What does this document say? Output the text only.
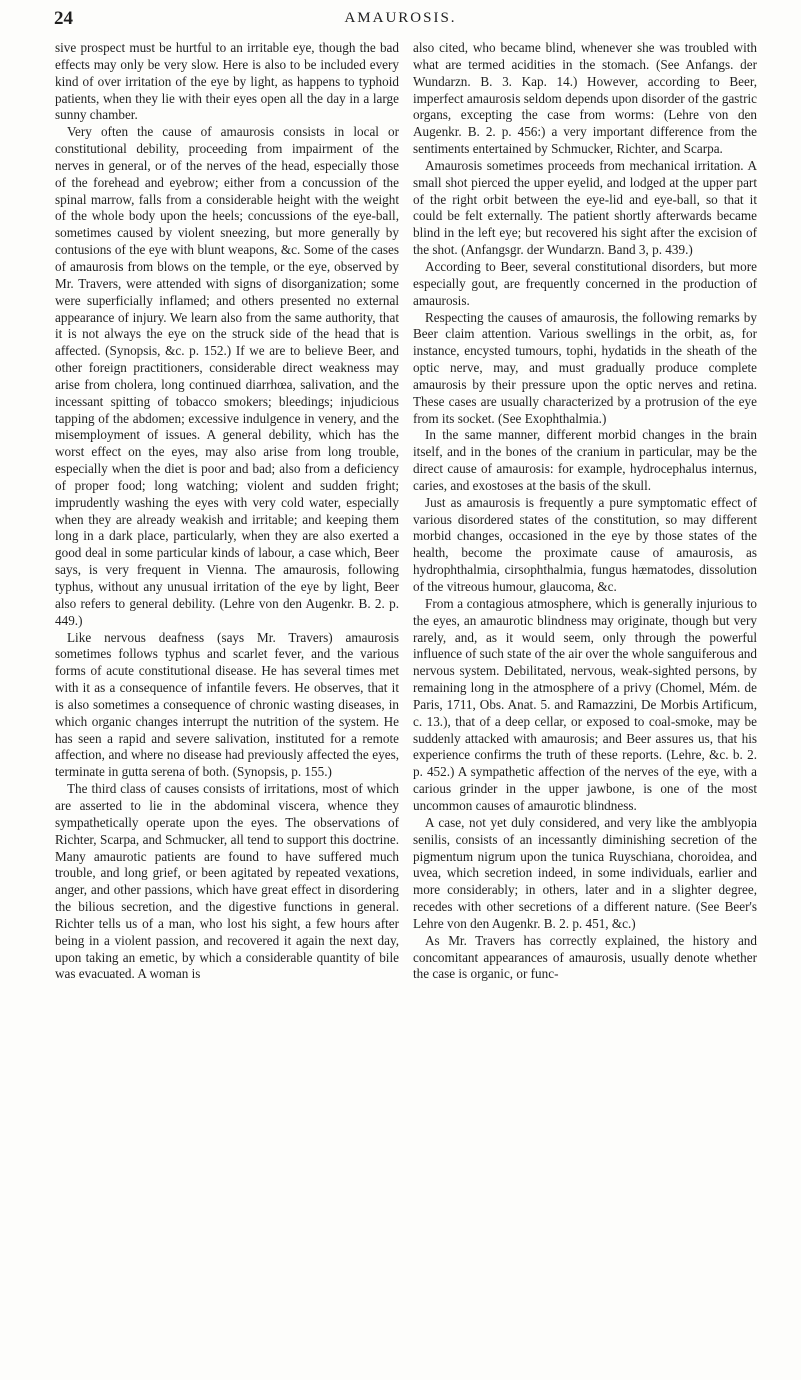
24	AMAUROSIS.

sive prospect must be hurtful to an irritable eye, though the bad effects may only be very slow. Here is also to be included every kind of over irritation of the eye by light, as happens to typhoid patients, when they lie with their eyes open all the day in a large sunny chamber.

Very often the cause of amaurosis consists in local or constitutional debility, proceeding from impairment of the nerves in general, or of the nerves of the head, especially those of the forehead and eyebrow; either from a concussion of the spinal marrow, falls from a considerable height with the weight of the whole body upon the heels; concussions of the eye-ball, sometimes caused by violent sneezing, but more generally by contusions of the eye with blunt weapons, &c. Some of the cases of amaurosis from blows on the temple, or the eye, observed by Mr. Travers, were attended with signs of disorganization; some were superficially inflamed; and others presented no external appearance of injury. We learn also from the same authority, that it is not always the eye on the struck side of the head that is affected. (Synopsis, &c. p. 152.) If we are to believe Beer, and other foreign practitioners, considerable direct weakness may arise from cholera, long continued diarrhœa, salivation, and the incessant spitting of tobacco smokers; bleedings; injudicious tapping of the abdomen; excessive indulgence in venery, and the misemployment of issues. A general debility, which has the worst effect on the eyes, may also arise from long trouble, especially when the diet is poor and bad; also from a deficiency of proper food; long watching; violent and sudden fright; imprudently washing the eyes with very cold water, especially when they are already weakish and irritable; and keeping them long in a dark place, particularly, when they are also exerted a good deal in some particular kinds of labour, a case which, Beer says, is very frequent in Vienna. The amaurosis, following typhus, without any unusual irritation of the eye by light, Beer also refers to general debility. (Lehre von den Augenkr. B. 2. p. 449.)

Like nervous deafness (says Mr. Travers) amaurosis sometimes follows typhus and scarlet fever, and the various forms of acute constitutional disease. He has several times met with it as a consequence of infantile fevers. He observes, that it is also sometimes a consequence of chronic wasting diseases, in which organic changes interrupt the nutrition of the system. He has seen a rapid and severe salivation, instituted for a remote affection, and where no disease had previously affected the eyes, terminate in gutta serena of both. (Synopsis, p. 155.)

The third class of causes consists of irritations, most of which are asserted to lie in the abdominal viscera, whence they sympathetically operate upon the eyes. The observations of Richter, Scarpa, and Schmucker, all tend to support this doctrine. Many amaurotic patients are found to have suffered much trouble, and long grief, or been agitated by repeated vexations, anger, and other passions, which have great effect in disordering the bilious secretion, and the digestive functions in general. Richter tells us of a man, who lost his sight, a few hours after being in a violent passion, and recovered it again the next day, upon taking an emetic, by which a considerable quantity of bile was evacuated. A woman is

also cited, who became blind, whenever she was troubled with what are termed acidities in the stomach. (See Anfangs. der Wundarzn. B. 3. Kap. 14.) However, according to Beer, imperfect amaurosis seldom depends upon disorder of the gastric organs, excepting the case from worms: (Lehre von den Augenkr. B. 2. p. 456:) a very important difference from the sentiments entertained by Schmucker, Richter, and Scarpa.

Amaurosis sometimes proceeds from mechanical irritation. A small shot pierced the upper eyelid, and lodged at the upper part of the right orbit between the eye-lid and eye-ball, so that it could be felt externally. The patient shortly afterwards became blind in the left eye; but recovered his sight after the excision of the shot. (Anfangsgr. der Wundarzn. Band 3, p. 439.)

According to Beer, several constitutional disorders, but more especially gout, are frequently concerned in the production of amaurosis.

Respecting the causes of amaurosis, the following remarks by Beer claim attention. Various swellings in the orbit, as, for instance, encysted tumours, tophi, hydatids in the sheath of the optic nerve, may, and must gradually produce complete amaurosis by their pressure upon the optic nerves and retina. These cases are usually characterized by a protrusion of the eye from its socket. (See Exophthalmia.)

In the same manner, different morbid changes in the brain itself, and in the bones of the cranium in particular, may be the direct cause of amaurosis: for example, hydrocephalus internus, caries, and exostoses at the basis of the skull.

Just as amaurosis is frequently a pure symptomatic effect of various disordered states of the constitution, so may different morbid changes, occasioned in the eye by those states of the health, become the proximate cause of amaurosis, as hydrophthalmia, cirsophthalmia, fungus hæmatodes, dissolution of the vitreous humour, glaucoma, &c.

From a contagious atmosphere, which is generally injurious to the eyes, an amaurotic blindness may originate, though but very rarely, and, as it would seem, only through the powerful influence of such state of the air over the whole sanguiferous and nervous system. Debilitated, nervous, weak-sighted persons, by remaining long in the atmosphere of a privy (Chomel, Mém. de Paris, 1711, Obs. Anat. 5. and Ramazzini, De Morbis Artificum, c. 13.), that of a deep cellar, or exposed to coal-smoke, may be suddenly attacked with amaurosis; and Beer assures us, that his experience confirms the truth of these reports. (Lehre, &c. b. 2. p. 452.) A sympathetic affection of the nerves of the eye, with a carious grinder in the upper jawbone, is one of the most uncommon causes of amaurotic blindness.

A case, not yet duly considered, and very like the amblyopia senilis, consists of an incessantly diminishing secretion of the pigmentum nigrum upon the tunica Ruyschiana, choroidea, and uvea, which secretion indeed, in some individuals, earlier and more considerably; in others, later and in a slighter degree, recedes with other secretions of a different nature. (See Beer's Lehre von den Augenkr. B. 2. p. 451, &c.)

As Mr. Travers has correctly explained, the history and concomitant appearances of amaurosis, usually denote whether the case is organic, or func-
